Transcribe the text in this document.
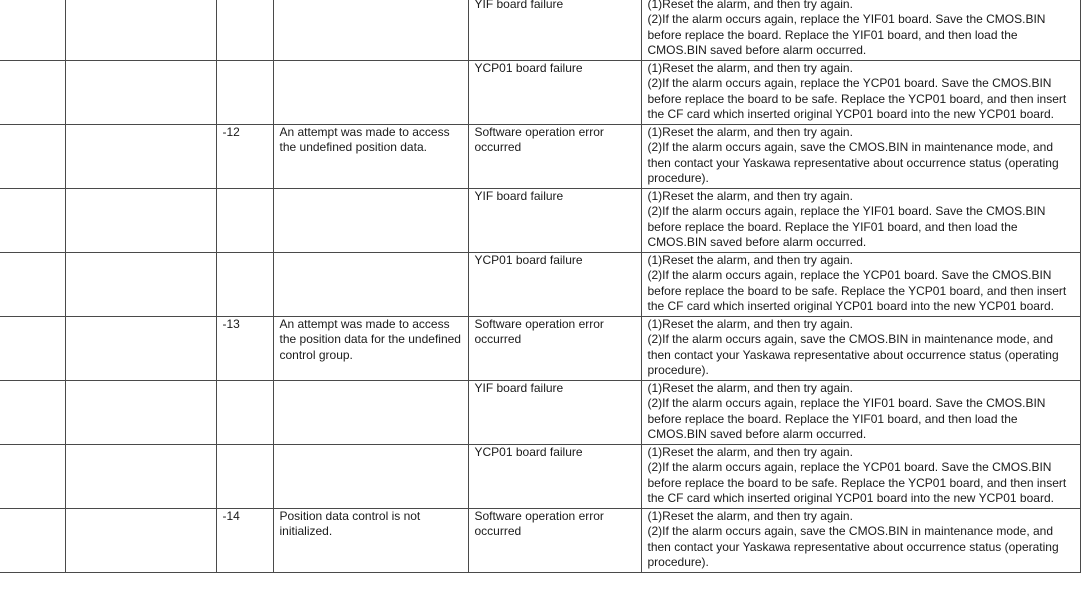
				YIF board failure	(1)Reset the alarm, and then try again.
(2)If the alarm occurs again, replace the YIF01 board. Save the CMOS.BIN before replace the board. Replace the YIF01 board, and then load the CMOS.BIN saved before alarm occurred.

				YCP01 board failure	(1)Reset the alarm, and then try again.
(2)If the alarm occurs again, replace the YCP01 board. Save the CMOS.BIN before replace the board to be safe. Replace the YCP01 board, and then insert the CF card which inserted original YCP01 board into the new YCP01 board.

		-12	An attempt was made to access the undefined position data.	Software operation error occurred	(1)Reset the alarm, and then try again.
(2)If the alarm occurs again, save the CMOS.BIN in maintenance mode, and then contact your Yaskawa representative about occurrence status (operating procedure).

				YIF board failure	(1)Reset the alarm, and then try again.
(2)If the alarm occurs again, replace the YIF01 board. Save the CMOS.BIN before replace the board. Replace the YIF01 board, and then load the CMOS.BIN saved before alarm occurred.

				YCP01 board failure	(1)Reset the alarm, and then try again.
(2)If the alarm occurs again, replace the YCP01 board. Save the CMOS.BIN before replace the board to be safe. Replace the YCP01 board, and then insert the CF card which inserted original YCP01 board into the new YCP01 board.

		-13	An attempt was made to access the position data for the undefined control group.	Software operation error occurred	(1)Reset the alarm, and then try again.
(2)If the alarm occurs again, save the CMOS.BIN in maintenance mode, and then contact your Yaskawa representative about occurrence status (operating procedure).

				YIF board failure	(1)Reset the alarm, and then try again.
(2)If the alarm occurs again, replace the YIF01 board. Save the CMOS.BIN before replace the board. Replace the YIF01 board, and then load the CMOS.BIN saved before alarm occurred.

				YCP01 board failure	(1)Reset the alarm, and then try again.
(2)If the alarm occurs again, replace the YCP01 board. Save the CMOS.BIN before replace the board to be safe. Replace the YCP01 board, and then insert the CF card which inserted original YCP01 board into the new YCP01 board.

		-14	Position data control is not initialized.	Software operation error occurred	(1)Reset the alarm, and then try again.
(2)If the alarm occurs again, save the CMOS.BIN in maintenance mode, and then contact your Yaskawa representative about occurrence status (operating procedure).
